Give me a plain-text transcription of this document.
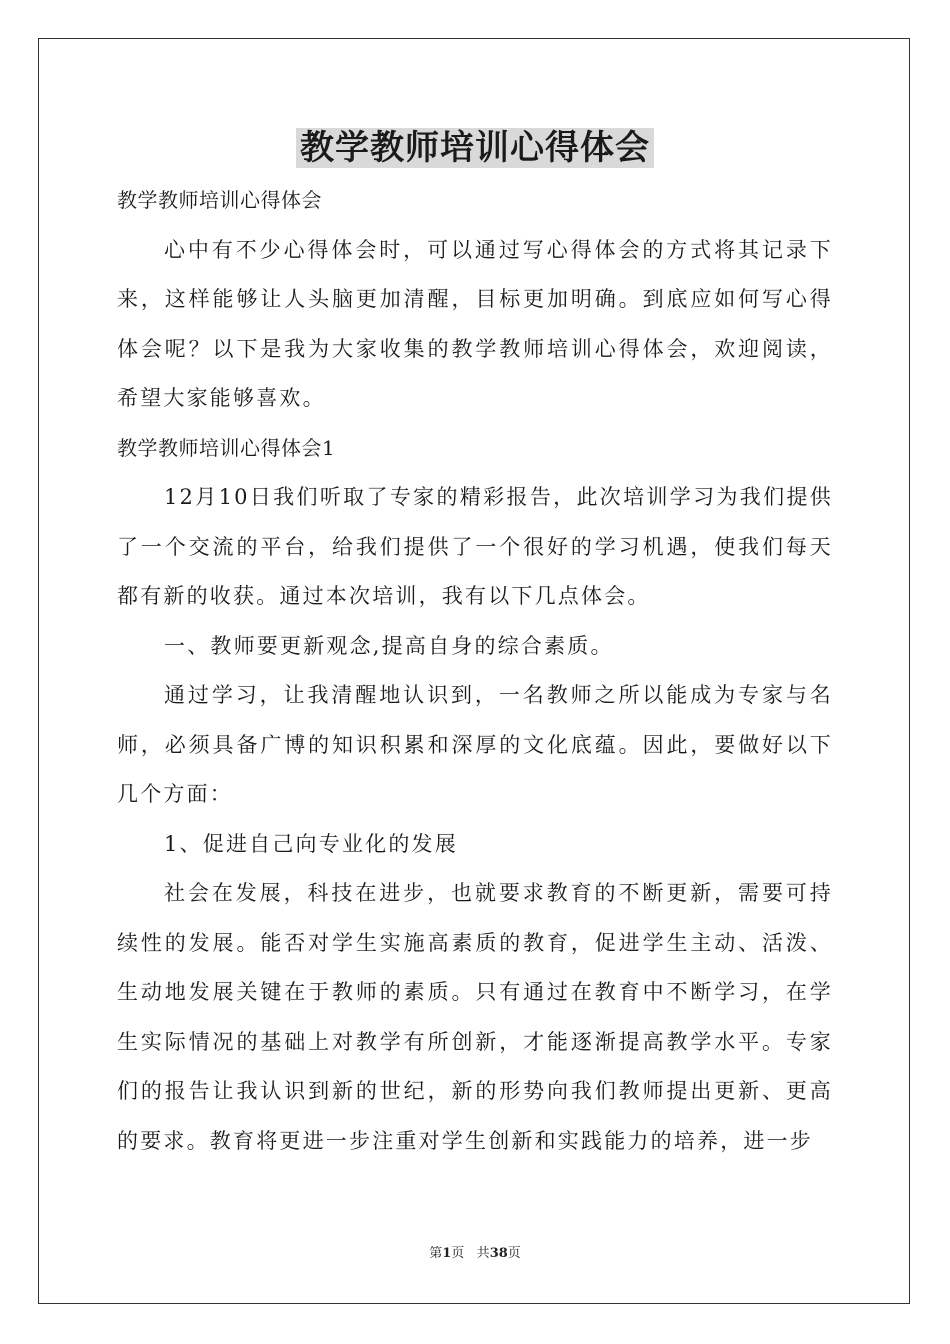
教学教师培训心得体会

教学教师培训心得体会

心中有不少心得体会时，可以通过写心得体会的方式将其记录下来，这样能够让人头脑更加清醒，目标更加明确。到底应如何写心得体会呢？以下是我为大家收集的教学教师培训心得体会，欢迎阅读，希望大家能够喜欢。

教学教师培训心得体会1

12月10日我们听取了专家的精彩报告，此次培训学习为我们提供了一个交流的平台，给我们提供了一个很好的学习机遇，使我们每天都有新的收获。通过本次培训，我有以下几点体会。

一、教师要更新观念,提高自身的综合素质。

通过学习，让我清醒地认识到，一名教师之所以能成为专家与名师，必须具备广博的知识积累和深厚的文化底蕴。因此，要做好以下几个方面：

1、促进自己向专业化的发展

社会在发展，科技在进步，也就要求教育的不断更新，需要可持续性的发展。能否对学生实施高素质的教育，促进学生主动、活泼、生动地发展关键在于教师的素质。只有通过在教育中不断学习，在学生实际情况的基础上对教学有所创新，才能逐渐提高教学水平。专家们的报告让我认识到新的世纪，新的形势向我们教师提出更新、更高的要求。教育将更进一步注重对学生创新和实践能力的培养，进一步

第1页 共38页
